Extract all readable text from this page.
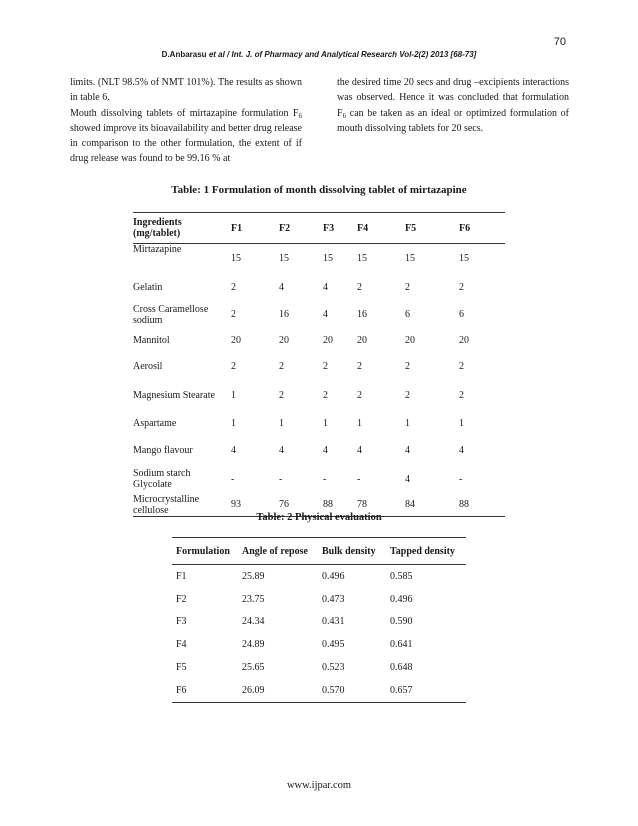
70
D.Anbarasu et al / Int. J. of Pharmacy and Analytical Research Vol-2(2) 2013 [68-73]

limits. (NLT 98.5% of NMT 101%). The results as shown in table 6.

Mouth dissolving tablets of mirtazapine formulation $F_6$ showed improve its bioavailability and better drug release in comparison to the other formulation, the extent of if drug release was found to be 99.16 % at

the desired time 20 secs and drug –excipients interactions was observed. Hence it was concluded that formulation $F_6$ can be taken as an ideal or optimized formulation of mouth dissolving tablets for 20 secs.

Table: 1 Formulation of month dissolving tablet of mirtazapine
Ingredients (mg/tablet)	F1	F2	F3	F4	F5	F6
Mirtazapine	15	15	15	15	15	15
Gelatin	2	4	4	2	2	2
Cross Caramellose sodium	2	16	4	16	6	6
Mannitol	20	20	20	20	20	20
Aerosil	2	2	2	2	2	2
Magnesium Stearate	1	2	2	2	2	2
Aspartame	1	1	1	1	1	1
Mango flavour	4	4	4	4	4	4
Sodium starch Glycolate	-	-	-	-	4	-
Microcrystalline cellulose	93	76	88	78	84	88
Table: 2 Physical evaluation
Formulation	Angle of repose	Bulk density	Tapped density
F1	25.89	0.496	0.585
F2	23.75	0.473	0.496
F3	24.34	0.431	0.590
F4	24.89	0.495	0.641
F5	25.65	0.523	0.648
F6	26.09	0.570	0.657
www.ijpar.com
